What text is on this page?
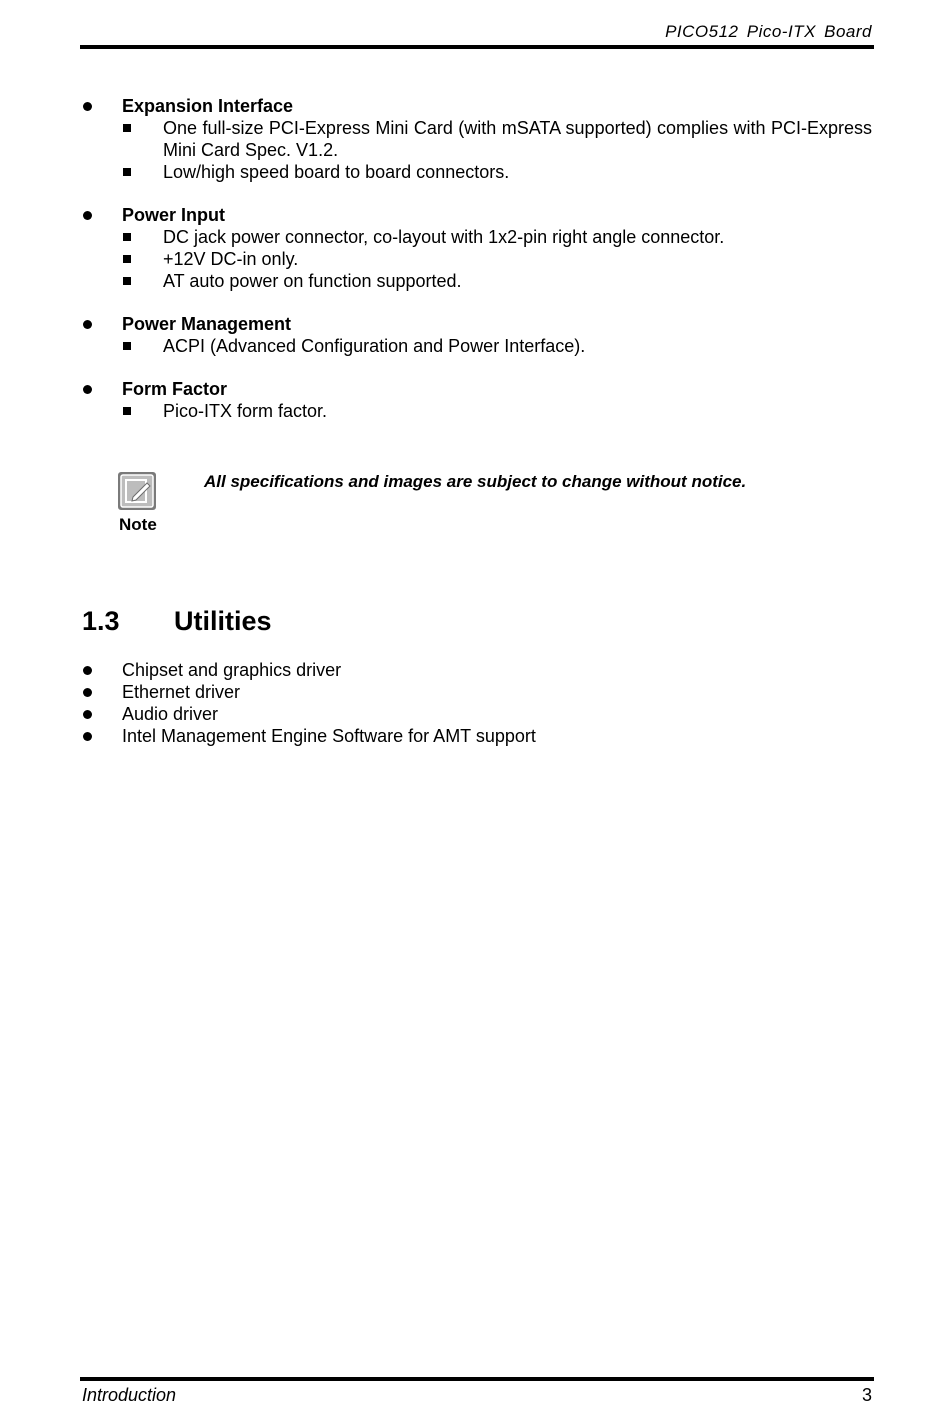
PICO512 Pico-ITX Board
Expansion Interface
One full-size PCI-Express Mini Card (with mSATA supported) complies with PCI-Express Mini Card Spec. V1.2.
Low/high speed board to board connectors.
Power Input
DC jack power connector, co-layout with 1x2-pin right angle connector.
+12V DC-in only.
AT auto power on function supported.
Power Management
ACPI (Advanced Configuration and Power Interface).
Form Factor
Pico-ITX form factor.
Note
All specifications and images are subject to change without notice.
1.3 Utilities
Chipset and graphics driver
Ethernet driver
Audio driver
Intel Management Engine Software for AMT support
Introduction	3
